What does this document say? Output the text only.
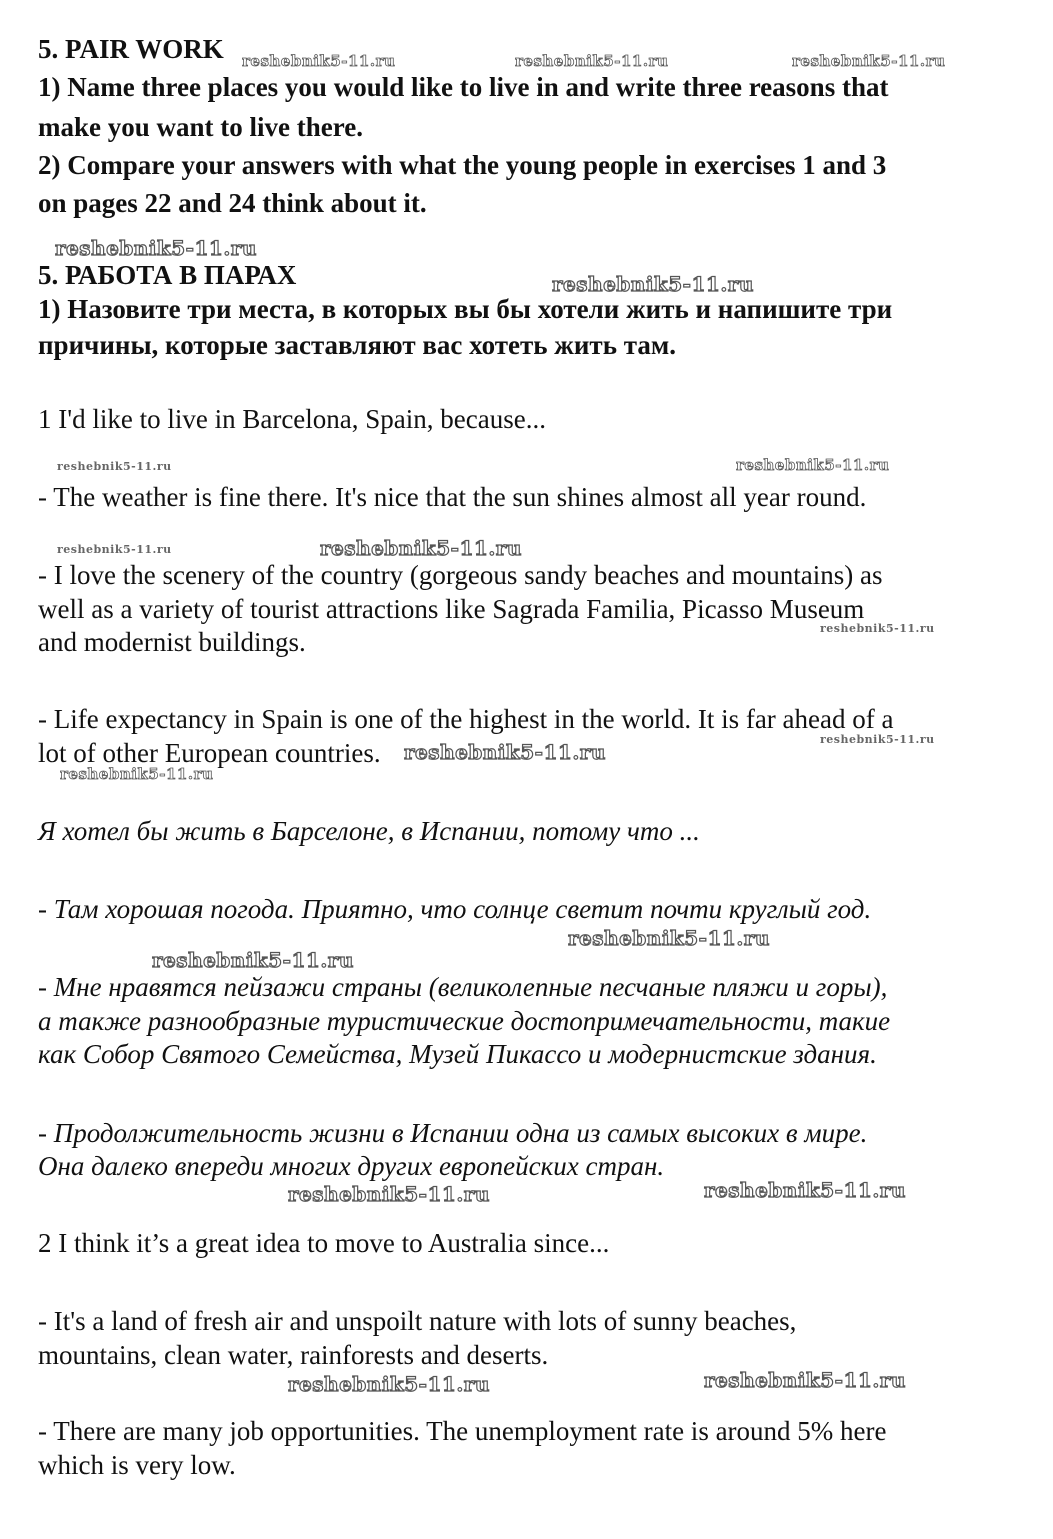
5. PAIR WORK
1) Name three places you would like to live in and write three reasons that
make you want to live there.
2) Compare your answers with what the young people in exercises 1 and 3
on pages 22 and 24 think about it.
5. РАБОТА В ПАРАХ
1) Назовите три места, в которых вы бы хотели жить и напишите три
причины, которые заставляют вас хотеть жить там.
1 I'd like to live in Barcelona, Spain, because...
- The weather is fine there. It's nice that the sun shines almost all year round.
- I love the scenery of the country (gorgeous sandy beaches and mountains) as
well as a variety of tourist attractions like Sagrada Familia, Picasso Museum
and modernist buildings.
- Life expectancy in Spain is one of the highest in the world. It is far ahead of a
lot of other European countries.
Я хотел бы жить в Барселоне, в Испании, потому что ...
- Там хорошая погода. Приятно, что солнце светит почти круглый год.
- Мне нравятся пейзажи страны (великолепные песчаные пляжи и горы),
а также разнообразные туристические достопримечательности, такие
как Собор Святого Семейства, Музей Пикассо и модернистские здания.
- Продолжительность жизни в Испании одна из самых высоких в мире.
Она далеко впереди многих других европейских стран.
2 I think it’s a great idea to move to Australia since...
- It's a land of fresh air and unspoilt nature with lots of sunny beaches,
mountains, clean water, rainforests and deserts.
- There are many job opportunities. The unemployment rate is around 5% here
which is very low.
reshebnik5-11.ru	reshebnik5-11.ru	reshebnik5-11.ru
reshebnik5-11.ru
reshebnik5-11.ru
reshebnik5-11.ru	reshebnik5-11.ru
reshebnik5-11.ru	reshebnik5-11.ru
reshebnik5-11.ru
reshebnik5-11.ru
reshebnik5-11.ru
reshebnik5-11.ru
reshebnik5-11.ru
reshebnik5-11.ru
reshebnik5-11.ru	reshebnik5-11.ru
reshebnik5-11.ru	reshebnik5-11.ru
